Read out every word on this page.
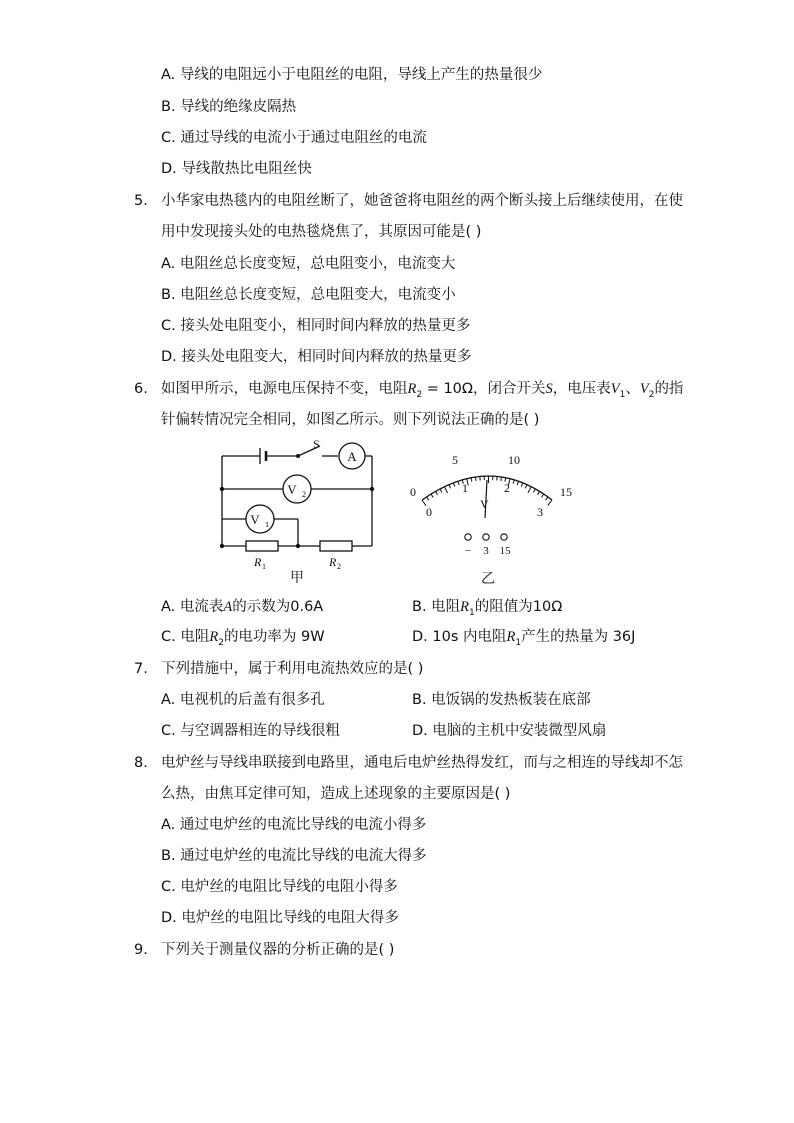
A. 导线的电阻远小于电阻丝的电阻，导线上产生的热量很少
B. 导线的绝缘皮隔热
C. 通过导线的电流小于通过电阻丝的电流
D. 导线散热比电阻丝快
5. 小华家电热毯内的电阻丝断了，她爸爸将电阻丝的两个断头接上后继续使用，在使
用中发现接头处的电热毯烧焦了，其原因可能是( )
A. 电阻丝总长度变短，总电阻变小，电流变大
B. 电阻丝总长度变短，总电阻变大，电流变小
C. 接头处电阻变小，相同时间内释放的热量更多
D. 接头处电阻变大，相同时间内释放的热量更多
6. 如图甲所示，电源电压保持不变，电阻$R_2 = 10\Omega$，闭合开关S，电压表$V_1$、$V_2$的指
针偏转情况完全相同，如图乙所示。则下列说法正确的是( )
S
A
V 2
V 1
R 1	R 2
甲
0
5	10
15
0
1	2
3
V
− 3 15
乙
A. 电流表A的示数为0.6A	B. 电阻$R_1$的阻值为10Ω
C. 电阻$R_2$的电功率为 9W	D. 10s 内电阻$R_1$产生的热量为 36J
7. 下列措施中，属于利用电流热效应的是( )
A. 电视机的后盖有很多孔	B. 电饭锅的发热板装在底部
C. 与空调器相连的导线很粗	D. 电脑的主机中安装微型风扇
8. 电炉丝与导线串联接到电路里，通电后电炉丝热得发红，而与之相连的导线却不怎
么热，由焦耳定律可知，造成上述现象的主要原因是( )
A. 通过电炉丝的电流比导线的电流小得多
B. 通过电炉丝的电流比导线的电流大得多
C. 电炉丝的电阻比导线的电阻小得多
D. 电炉丝的电阻比导线的电阻大得多
9. 下列关于测量仪器的分析正确的是( )
